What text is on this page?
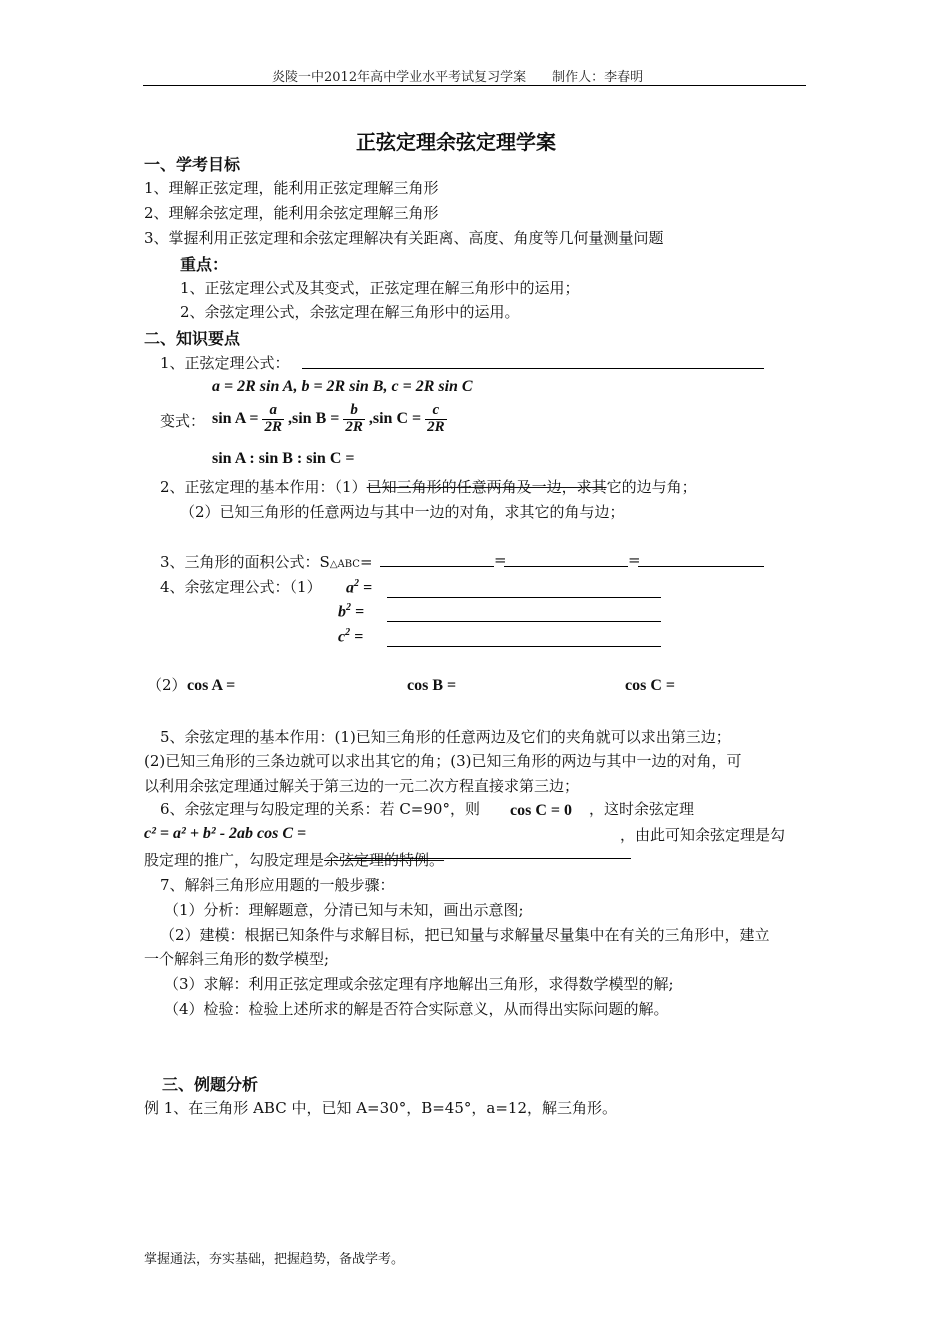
炎陵一中2012年高中学业水平考试复习学案　　制作人：李春明
正弦定理余弦定理学案
一、学考目标
1、理解正弦定理，能利用正弦定理解三角形
2、理解余弦定理，能利用余弦定理解三角形
3、掌握利用正弦定理和余弦定理解决有关距离、高度、角度等几何量测量问题
重点：
1、正弦定理公式及其变式，正弦定理在解三角形中的运用；
2、余弦定理公式，余弦定理在解三角形中的运用。
二、知识要点
1、正弦定理公式：
a = 2R sin A, b = 2R sin B, c = 2R sin C
变式： $\sin A = \frac{a}{2R} ,\sin$ $B = \frac{b}{2R} ,\sin$ $C = \frac{c}{2R}$
sin A : sin B : sin C =
2、正弦定理的基本作用：（1）已知三角形的任意两角及一边，求其它的边与角；
（2）已知三角形的任意两边与其中一边的对角，求其它的角与边；
3、三角形的面积公式：S△ABC=	=	=
4、余弦定理公式：（1） $a^2$ =
$b^2$ =
$c^2$ =
（2） cos A =	cos B =	cos C =
5、余弦定理的基本作用：(1)已知三角形的任意两边及它们的夹角就可以求出第三边；
(2)已知三角形的三条边就可以求出其它的角；(3)已知三角形的两边与其中一边的对角，可
以利用余弦定理通过解关于第三边的一元二次方程直接求第三边；
6、余弦定理与勾股定理的关系：若 C=90°，则 cos C = 0 ，这时余弦定理
c² = a² + b² - 2ab cos C =	，由此可知余弦定理是勾
股定理的推广，勾股定理是余弦定理的特例。
7、解斜三角形应用题的一般步骤：
（1）分析：理解题意，分清已知与未知，画出示意图;
（2）建模：根据已知条件与求解目标，把已知量与求解量尽量集中在有关的三角形中，建立
一个解斜三角形的数学模型;
（3）求解：利用正弦定理或余弦定理有序地解出三角形，求得数学模型的解;
（4）检验：检验上述所求的解是否符合实际意义，从而得出实际问题的解。
三、例题分析
例 1、在三角形 ABC 中，已知 A=30°，B=45°，a=12，解三角形。
掌握通法，夯实基础，把握趋势，备战学考。
